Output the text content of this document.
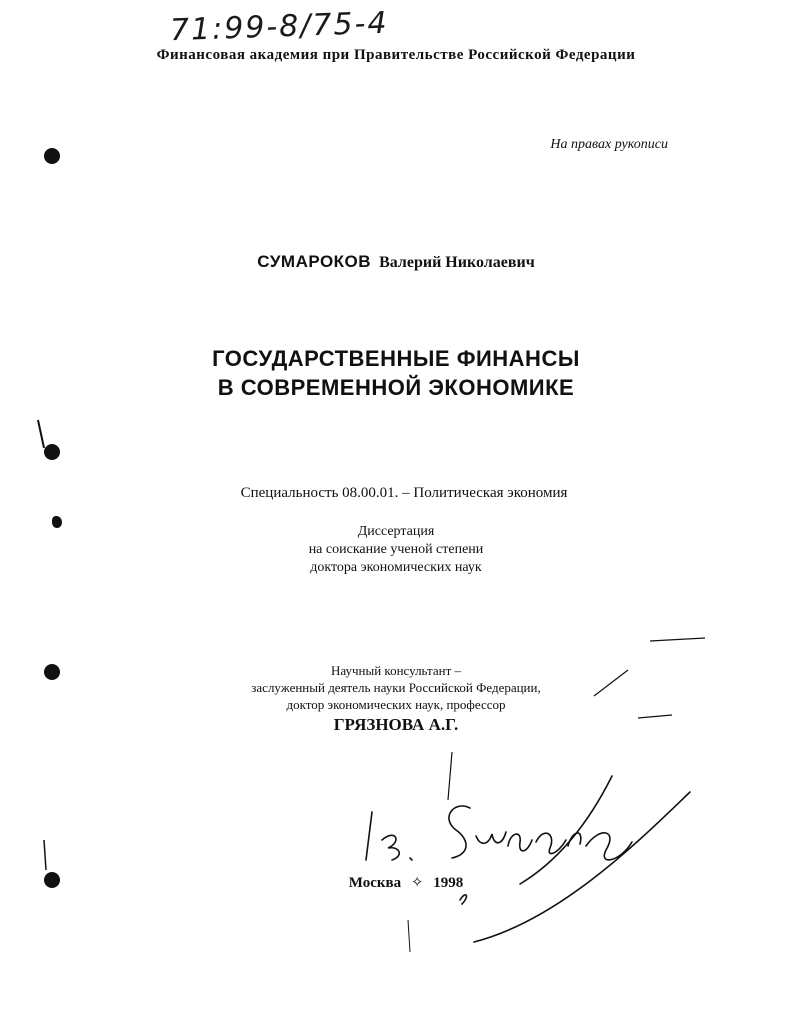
71:99-8/75-4
Финансовая академия при Правительстве Российской Федерации
На правах рукописи
СУМАРОКОВ Валерий Николаевич
ГОСУДАРСТВЕННЫЕ ФИНАНСЫ
В СОВРЕМЕННОЙ ЭКОНОМИКЕ
Специальность 08.00.01. – Политическая экономия
Диссертация
на соискание ученой степени
доктора экономических наук
Научный консультант –
заслуженный деятель науки Российской Федерации,
доктор экономических наук, профессор
ГРЯЗНОВА А.Г.
Москва ✧ 1998
